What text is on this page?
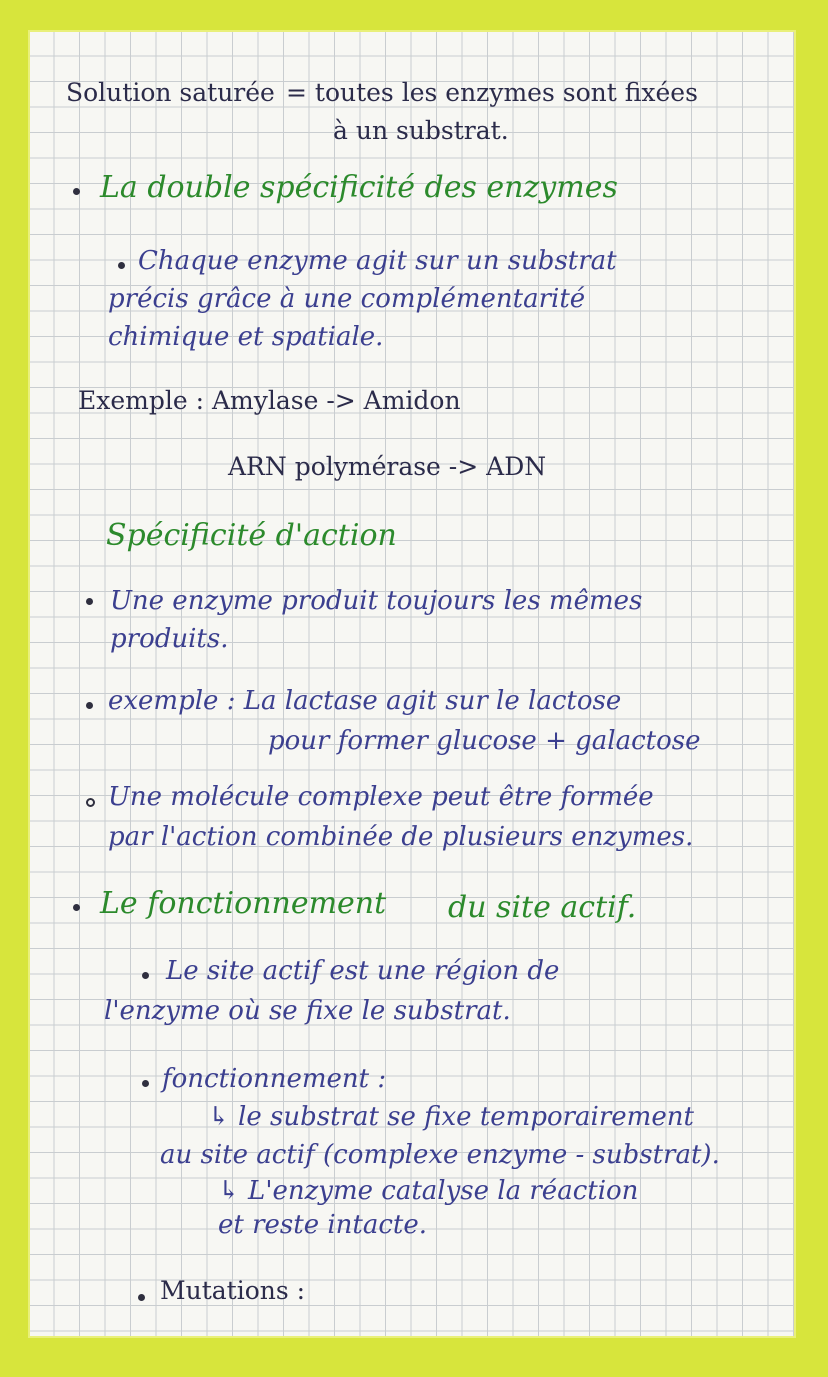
Solution saturée = toutes les enzymes sont fixées
à un substrat.
La double spécificité des enzymes
Chaque enzyme agit sur un substrat
précis grâce à une complémentarité
chimique et spatiale.
Exemple : Amylase -> Amidon
ARN polymérase -> ADN
Spécificité d'action
Une enzyme produit toujours les mêmes
produits.
exemple : La lactase agit sur le lactose
pour former glucose + galactose
Une molécule complexe peut être formée
par l'action combinée de plusieurs enzymes.
Le fonctionnement du site actif.
Le site actif est une région de
l'enzyme où se fixe le substrat.
fonctionnement :
↳ le substrat se fixe temporairement
au site actif (complexe enzyme - substrat).
↳ L'enzyme catalyse la réaction
et reste intacte.
Mutations :
